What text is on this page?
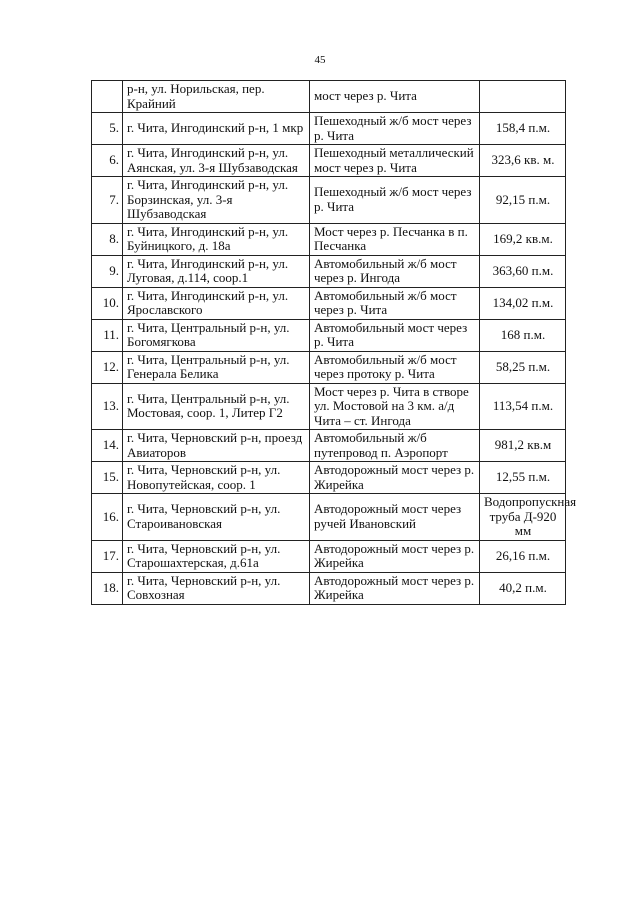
45
	р-н, ул. Норильская, пер. Крайний	мост через р. Чита	
5.	г. Чита, Ингодинский р-н, 1 мкр	Пешеходный ж/б мост через р. Чита	158,4 п.м.
6.	г. Чита, Ингодинский р-н, ул. Аянская, ул. 3-я Шубзаводская	Пешеходный металлический мост через р. Чита	323,6 кв. м.
7.	г. Чита, Ингодинский р-н, ул. Борзинская, ул. 3-я Шубзаводская	Пешеходный ж/б мост через р. Чита	92,15 п.м.
8.	г. Чита, Ингодинский р-н, ул. Буйницкого, д. 18а	Мост через р. Песчанка в п. Песчанка	169,2 кв.м.
9.	г. Чита, Ингодинский р-н, ул. Луговая, д.114, соор.1	Автомобильный ж/б мост через р. Ингода	363,60 п.м.
10.	г. Чита, Ингодинский р-н, ул. Ярославского	Автомобильный ж/б мост через р. Чита	134,02 п.м.
11.	г. Чита, Центральный р-н, ул. Богомягкова	Автомобильный мост через р. Чита	168 п.м.
12.	г. Чита, Центральный р-н, ул. Генерала Белика	Автомобильный ж/б мост через протоку р. Чита	58,25 п.м.
13.	г. Чита, Центральный р-н, ул. Мостовая, соор. 1, Литер Г2	Мост через р. Чита в створе ул. Мостовой на 3 км. а/д Чита – ст. Ингода	113,54 п.м.
14.	г. Чита, Черновский р-н, проезд Авиаторов	Автомобильный ж/б путепровод п. Аэропорт	981,2 кв.м
15.	г. Чита, Черновский р-н, ул. Новопутейская, соор. 1	Автодорожный мост через р. Жирейка	12,55 п.м.
16.	г. Чита, Черновский р-н, ул. Староивановская	Автодорожный мост через ручей Ивановский	Водопропускная труба Д-920 мм
17.	г. Чита, Черновский р-н, ул. Старошахтерская, д.61а	Автодорожный мост через р. Жирейка	26,16 п.м.
18.	г. Чита, Черновский р-н, ул. Совхозная	Автодорожный мост через р. Жирейка	40,2 п.м.
